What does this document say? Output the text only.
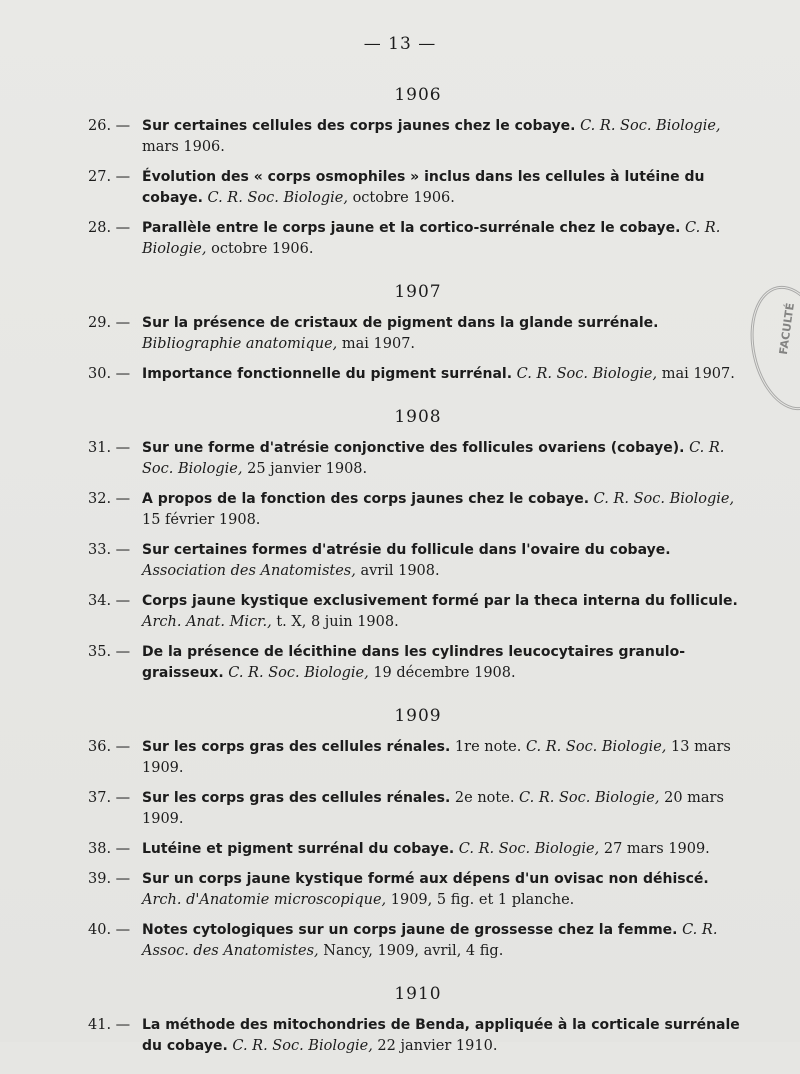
— 13 —
1906
26. — Sur certaines cellules des corps jaunes chez le cobaye. C. R. Soc. Biologie, mars 1906.
27. — Évolution des « corps osmophiles » inclus dans les cellules à lutéine du cobaye. C. R. Soc. Biologie, octobre 1906.
28. — Parallèle entre le corps jaune et la cortico-surrénale chez le cobaye. C. R. Biologie, octobre 1906.
1907
29. — Sur la présence de cristaux de pigment dans la glande surrénale. Bibliographie anatomique, mai 1907.
30. — Importance fonctionnelle du pigment surrénal. C. R. Soc. Biologie, mai 1907.
1908
31. — Sur une forme d'atrésie conjonctive des follicules ovariens (cobaye). C. R. Soc. Biologie, 25 janvier 1908.
32. — A propos de la fonction des corps jaunes chez le cobaye. C. R. Soc. Biologie, 15 février 1908.
33. — Sur certaines formes d'atrésie du follicule dans l'ovaire du cobaye. Association des Anatomistes, avril 1908.
34. — Corps jaune kystique exclusivement formé par la theca interna du follicule. Arch. Anat. Micr., t. X, 8 juin 1908.
35. — De la présence de lécithine dans les cylindres leucocytaires granulo-graisseux. C. R. Soc. Biologie, 19 décembre 1908.
1909
36. — Sur les corps gras des cellules rénales. 1re note. C. R. Soc. Biologie, 13 mars 1909.
37. — Sur les corps gras des cellules rénales. 2e note. C. R. Soc. Biologie, 20 mars 1909.
38. — Lutéine et pigment surrénal du cobaye. C. R. Soc. Biologie, 27 mars 1909.
39. — Sur un corps jaune kystique formé aux dépens d'un ovisac non déhiscé. Arch. d'Anatomie microscopique, 1909, 5 fig. et 1 planche.
40. — Notes cytologiques sur un corps jaune de grossesse chez la femme. C. R. Assoc. des Anatomistes, Nancy, 1909, avril, 4 fig.
1910
41. — La méthode des mitochondries de Benda, appliquée à la corticale surrénale du cobaye. C. R. Soc. Biologie, 22 janvier 1910.
FACULTÉ
